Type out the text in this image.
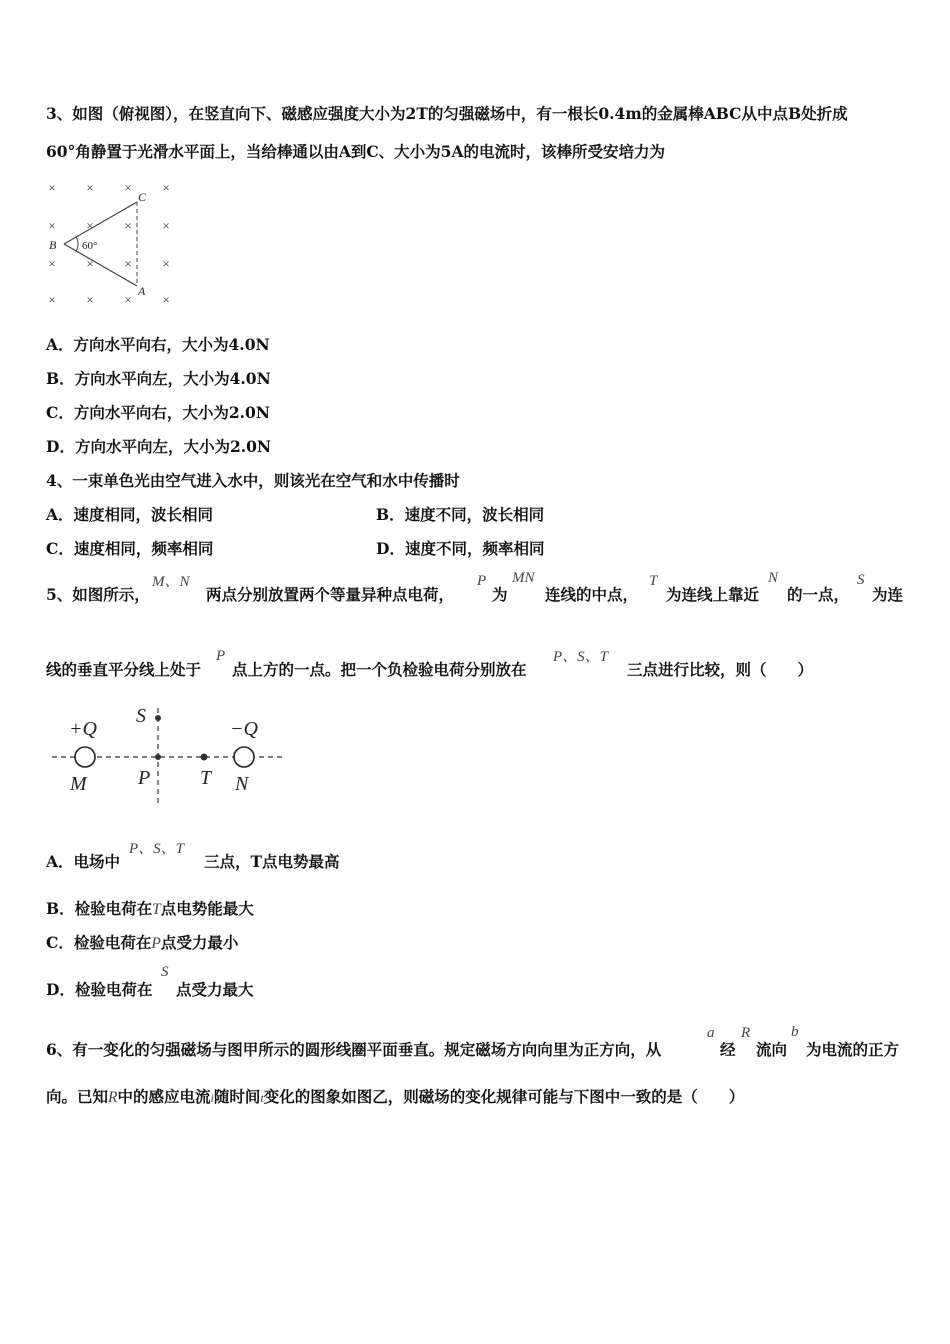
3、如图（俯视图），在竖直向下、磁感应强度大小为2T的匀强磁场中，有一根长0.4m的金属棒ABC从中点B处折成
60°角静置于光滑水平面上，当给棒通以由A到C、大小为5A的电流时，该棒所受安培力为
× × × ×
× × × ×
× × × ×
× × × ×
60°
B
C
A
A．方向水平向右，大小为4.0N
B．方向水平向左，大小为4.0N
C．方向水平向右，大小为2.0N
D．方向水平向左，大小为2.0N
4、一束单色光由空气进入水中，则该光在空气和水中传播时
A．速度相同，波长相同	B．速度不同，波长相同
C．速度相同，频率相同	D．速度不同，频率相同
5、如图所示，
M、N
两点分别放置两个等量异种点电荷，
P
为
MN
连线的中点，
T
为连线上靠近
N
的一点，
S
为连
线的垂直平分线上处于
P
点上方的一点。把一个负检验电荷分别放在
P、S、T
三点进行比较，则（　　）
+Q	−Q
M	P T N
S
A．电场中
P、S、T
三点，T点电势最高
B．检验电荷在T点电势能最大
C．检验电荷在P点受力最小
D．检验电荷在
S
点受力最大
6、有一变化的匀强磁场与图甲所示的圆形线圈平面垂直。规定磁场方向向里为正方向，从
a
经
R
流向
b
为电流的正方
向。已知R中的感应电流i随时间t变化的图象如图乙，则磁场的变化规律可能与下图中一致的是（　　）
